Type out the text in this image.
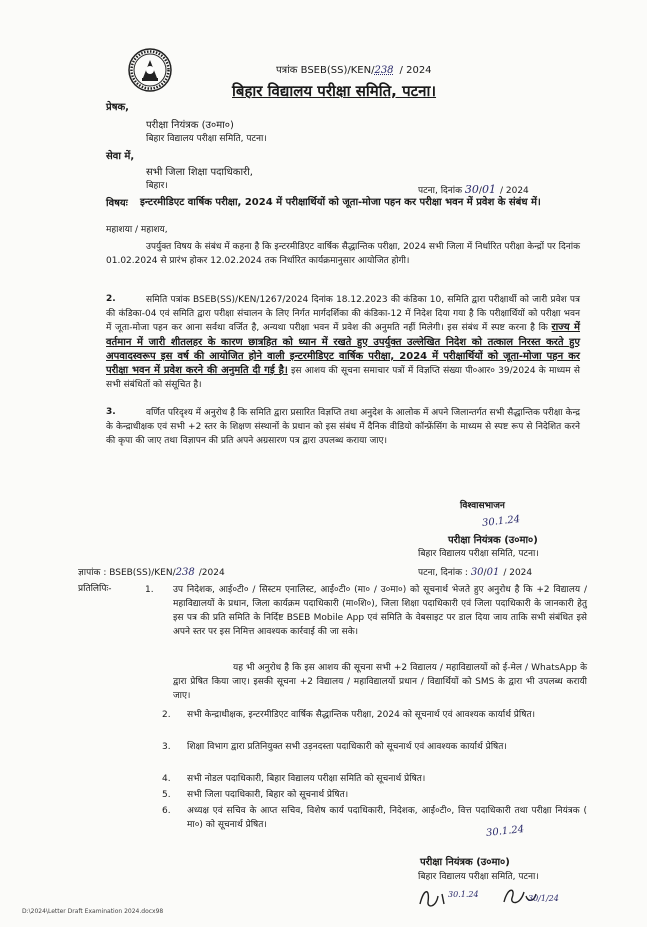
पत्रांक BSEB(SS)/KEN/238 / 2024
बिहार विद्यालय परीक्षा समिति, पटना।
प्रेषक,
परीक्षा नियंत्रक (उ०मा०)
बिहार विद्यालय परीक्षा समिति, पटना।
सेवा में,
सभी जिला शिक्षा पदाधिकारी,
बिहार।	पटना, दिनांक 30/01 / 2024
विषयः इन्टरमीडिएट वार्षिक परीक्षा, 2024 में परीक्षार्थियों को जूता-मोजा पहन कर परीक्षा भवन में प्रवेश के संबंध में।
महाशया / महाशय,
उपर्युक्त विषय के संबंध में कहना है कि इन्टरमीडिएट वार्षिक सैद्धान्तिक परीक्षा, 2024 सभी जिला में निर्धारित परीक्षा केन्द्रों पर दिनांक 01.02.2024 से प्रारंभ होकर 12.02.2024 तक निर्धारित कार्यक्रमानुसार आयोजित होगी।
2.	समिति पत्रांक BSEB(SS)/KEN/1267/2024 दिनांक 18.12.2023 की कंडिका 10, समिति द्वारा परीक्षार्थी को जारी प्रवेश पत्र की कंडिका-04 एवं समिति द्वारा परीक्षा संचालन के लिए निर्गत मार्गदर्शिका की कंडिका-12 में निदेश दिया गया है कि परीक्षार्थियों को परीक्षा भवन में जूता-मोजा पहन कर आना सर्वथा वर्जित है, अन्यथा परीक्षा भवन में प्रवेश की अनुमति नहीं मिलेगी। इस संबंध में स्पष्ट करना है कि राज्य में वर्तमान में जारी शीतलहर के कारण छात्रहित को ध्यान में रखते हुए उपर्युक्त उल्लेखित निदेश को तत्काल निरस्त करते हुए अपवादस्वरूप इस वर्ष की आयोजित होने वाली इन्टरमीडिएट वार्षिक परीक्षा, 2024 में परीक्षार्थियों को जूता-मोजा पहन कर परीक्षा भवन में प्रवेश करने की अनुमति दी गई है। इस आशय की सूचना समाचार पत्रों में विज्ञप्ति संख्या पी०आर० 39/2024 के माध्यम से सभी संबंधितों को संसूचित है।
3.	वर्णित परिदृश्य में अनुरोध है कि समिति द्वारा प्रसारित विज्ञप्ति तथा अनुदेश के आलोक में अपने जिलान्तर्गत सभी सैद्धान्तिक परीक्षा केन्द्र के केन्द्राधीक्षक एवं सभी +2 स्तर के शिक्षण संस्थानों के प्रधान को इस संबंध में दैनिक वीडियो कॉन्फ्रेंसिंग के माध्यम से स्पष्ट रूप से निदेशित करने की कृपा की जाए तथा विज्ञापन की प्रति अपने अग्रसारण पत्र द्वारा उपलब्ध कराया जाए।
विश्वासभाजन
30.1.24
परीक्षा नियंत्रक (उ०मा०)
बिहार विद्यालय परीक्षा समिति, पटना।
ज्ञापांक : BSEB(SS)/KEN/238 /2024	पटना, दिनांक : 30/01 / 2024
प्रतिलिपिः-	1. उप निदेशक, आई०टी० / सिस्टम एनालिस्ट, आई०टी० (मा० / उ०मा०) को सूचनार्थ भेजते हुए अनुरोध है कि +2 विद्यालय / महाविद्यालयों के प्रधान, जिला कार्यक्रम पदाधिकारी (मा०शि०), जिला शिक्षा पदाधिकारी एवं जिला पदाधिकारी के जानकारी हेतु इस पत्र की प्रति समिति के निर्दिष्ट BSEB Mobile App एवं समिति के वेबसाइट पर डाल दिया जाय ताकि सभी संबंधित इसे अपने स्तर पर इस निमित्त आवश्यक कार्रवाई की जा सके।
यह भी अनुरोध है कि इस आशय की सूचना सभी +2 विद्यालय / महाविद्यालयों को ई-मेल / WhatsApp के द्वारा प्रेषित किया जाए। इसकी सूचना +2 विद्यालय / महाविद्यालयों प्रधान / विद्यार्थियों को SMS के द्वारा भी उपलब्ध करायी जाए।
2. सभी केन्द्राधीक्षक, इन्टरमीडिएट वार्षिक सैद्धान्तिक परीक्षा, 2024 को सूचनार्थ एवं आवश्यक कार्यार्थ प्रेषित।
3. शिक्षा विभाग द्वारा प्रतिनियुक्त सभी उड़नदस्ता पदाधिकारी को सूचनार्थ एवं आवश्यक कार्यार्थ प्रेषित।
4. सभी नोडल पदाधिकारी, बिहार विद्यालय परीक्षा समिति को सूचनार्थ प्रेषित।
5. सभी जिला पदाधिकारी, बिहार को सूचनार्थ प्रेषित।
6. अध्यक्ष एवं सचिव के आप्त सचिव, विशेष कार्य पदाधिकारी, निदेशक, आई०टी०, वित्त पदाधिकारी तथा परीक्षा नियंत्रक ( मा०) को सूचनार्थ प्रेषित।	30.1.24
परीक्षा नियंत्रक (उ०मा०)
बिहार विद्यालय परीक्षा समिति, पटना।
30.1.24	30/1/24
D:\2024\Letter Draft Examination 2024.docx98
